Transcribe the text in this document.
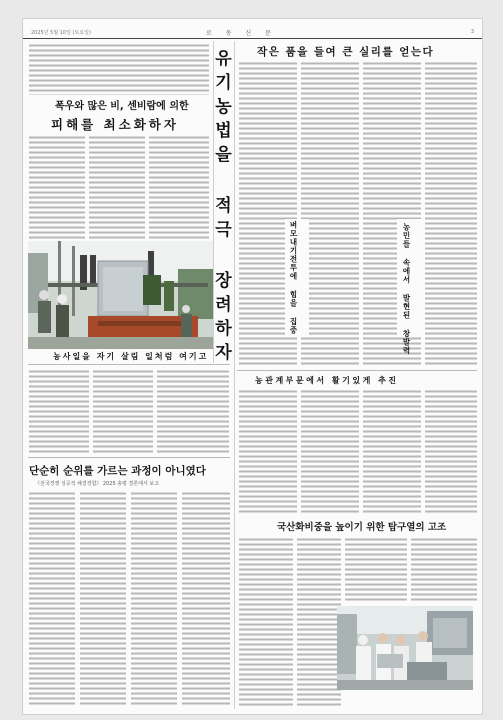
2025년 5월 10일 (토요일)	로 동 신 문	3
폭우와 많은 비, 센비람에 의한
피해를 최소화하자
농사일을 자기 살림 일처럼 여기고
단순히 순위를 가르는 과정이 아니였다
《전국경쟁 성공적 해결경험》 2025 총평 결론에서 보고
유기농법을 적극 장려하자 작은 품을 들여 큰 실리를 얻는다
벼모내기전투에 힘을 집중	농민들 속에서 발현된 창발력
농관계부문에서 활기있게 추진
국산화비중을 높이기 위한 탐구열의 고조
